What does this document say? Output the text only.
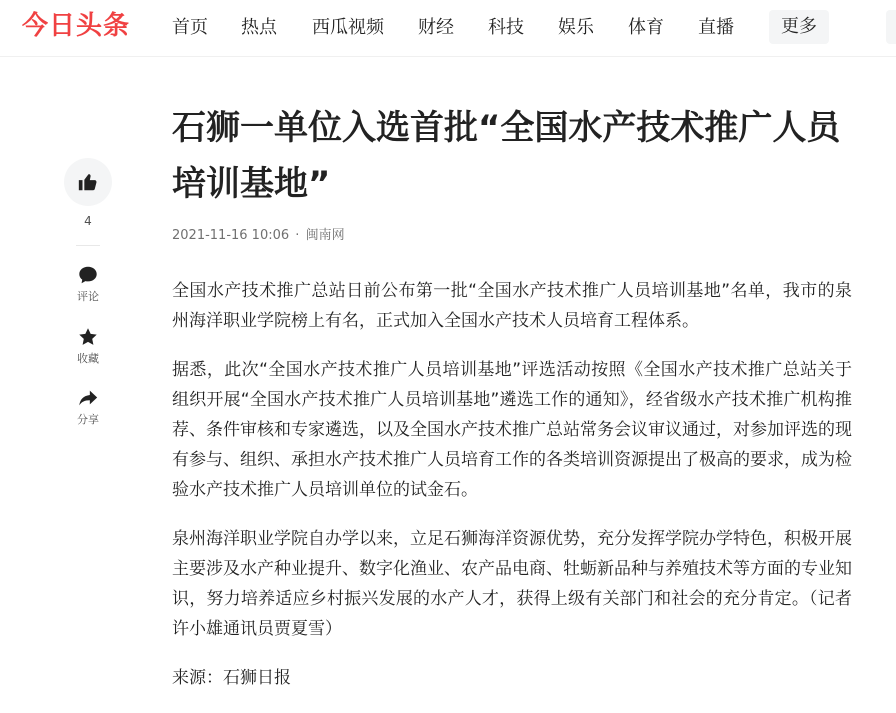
今日头条 首页 热点 西瓜视频 财经 科技 娱乐 体育 直播	更多
4
评论
收藏
分享
石狮一单位入选首批“全国水产技术推广人员培训基地”
2021-11-16 10:06 · 闽南网

全国水产技术推广总站日前公布第一批“全国水产技术推广人员培训基地”名单，我市的泉州海洋职业学院榜上有名，正式加入全国水产技术人员培育工程体系。

据悉，此次“全国水产技术推广人员培训基地”评选活动按照《全国水产技术推广总站关于组织开展“全国水产技术推广人员培训基地”遴选工作的通知》，经省级水产技术推广机构推荐、条件审核和专家遴选，以及全国水产技术推广总站常务会议审议通过，对参加评选的现有参与、组织、承担水产技术推广人员培育工作的各类培训资源提出了极高的要求，成为检验水产技术推广人员培训单位的试金石。

泉州海洋职业学院自办学以来，立足石狮海洋资源优势，充分发挥学院办学特色，积极开展主要涉及水产种业提升、数字化渔业、农产品电商、牡蛎新品种与养殖技术等方面的专业知识，努力培养适应乡村振兴发展的水产人才，获得上级有关部门和社会的充分肯定。（记者许小雄通讯员贾夏雪）

来源：石狮日报
